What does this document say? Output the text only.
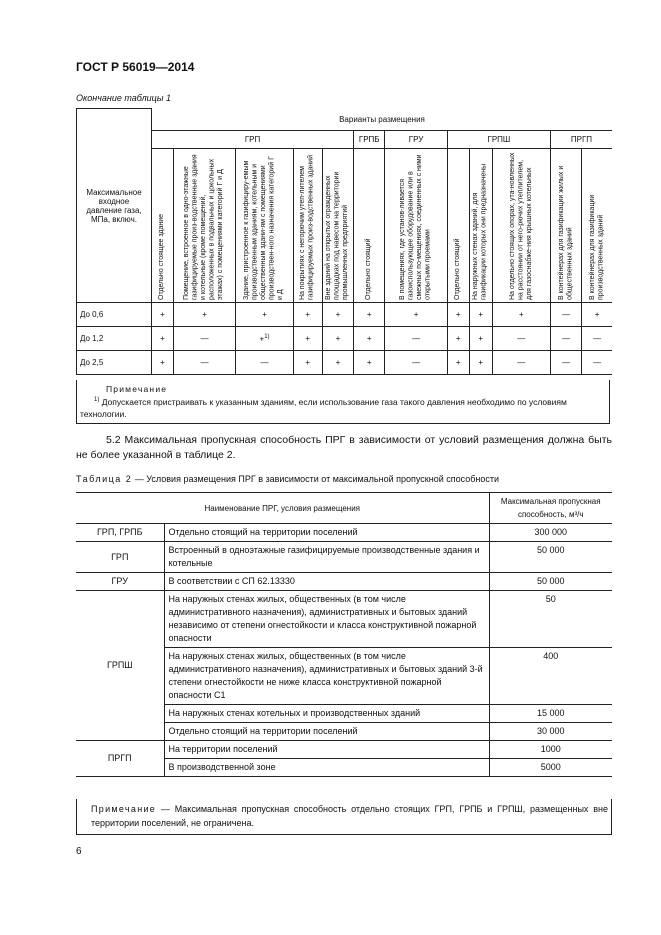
ГОСТ Р 56019—2014
Окончание таблицы 1
Максимальное входное давление газа, МПа, включ.	Варианты размещения											
	ГРП					ГРПБ	ГРУ	ГРПШ			ПРГП	

	Отдельно стоящее здание	Помещение, встроенное в одно-этажные газифицируемые произ-водственные здания и котельные (кроме помещений, расположенных в подвальных и цокольных этажах) с помещениями категорий Г и Д	Здание, пристроенное к газифициру-емым производственным зданиям, котельным и общественным здани-ям с помещениями производствен-ного назначения категорий Г и Д	На покрытиях с негорючим утеп-лителем газифицируемых произ-водственных зданий	Вне зданий на открытых огражденных площадках под навесом на территории промышленных предприятий	Отдельно стоящий	В помещениях, где установ-ливается газоиспользующее оборудование или в смежных по-мещениях, соединенных с ними открытыми проемами	Отдельно стоящий	На наружных стенах зданий, для газификации которых они предназначены	На отдельно стоящих опорах, ута-новленных на расстоянии от него-рючих утеплителем, для газоснабже-ния крышных котельных	В контейнерах для газификации жилых и общественных зданий	В контейнерах для газификации производственных зданий

До 0,6	+	+	+	+	+	+	+	+	+	+	—	+
До 1,2	+	—	+$^{1)}$	+	+	+	—	+	+	—	—	—
До 2,5	+	—	—	+	+	+	—	+	+	—	—	—
Примечание
$^{1)}$ Допускается пристраивать к указанным зданиям, если использование газа такого давления необходимо по условиям технологии.
5.2 Максимальная пропускная способность ПРГ в зависимости от условий размещения должна быть не более указанной в таблице 2.
Таблица 2 — Условия размещения ПРГ в зависимости от максимальной пропускной способности
Наименование ПРГ, условия размещения		Максимальная пропускная способность, м³/ч
ГРП, ГРПБ	Отдельно стоящий на территории поселений	300 000
ГРП	Встроенный в одноэтажные газифицируемые производственные здания и котельные	50 000
ГРУ	В соответствии с СП 62.13330	50 000
ГРПШ	На наружных стенах жилых, общественных (в том числе административного назначения), административных и бытовых зданий независимо от степени огнестойкости и класса конструктивной пожарной опасности	50
	На наружных стенах жилых, общественных (в том числе административного назначения), административных и бытовых зданий 3-й степени огнестойкости не ниже класса конструктивной пожарной опасности С1	400
	На наружных стенах котельных и производственных зданий	15 000
	Отдельно стоящий на территории поселений	30 000
ПРГП	На территории поселений	1000
	В производственной зоне	5000
Примечание — Максимальная пропускная способность отдельно стоящих ГРП, ГРПБ и ГРПШ, размещенных вне территории поселений, не ограничена.
6
